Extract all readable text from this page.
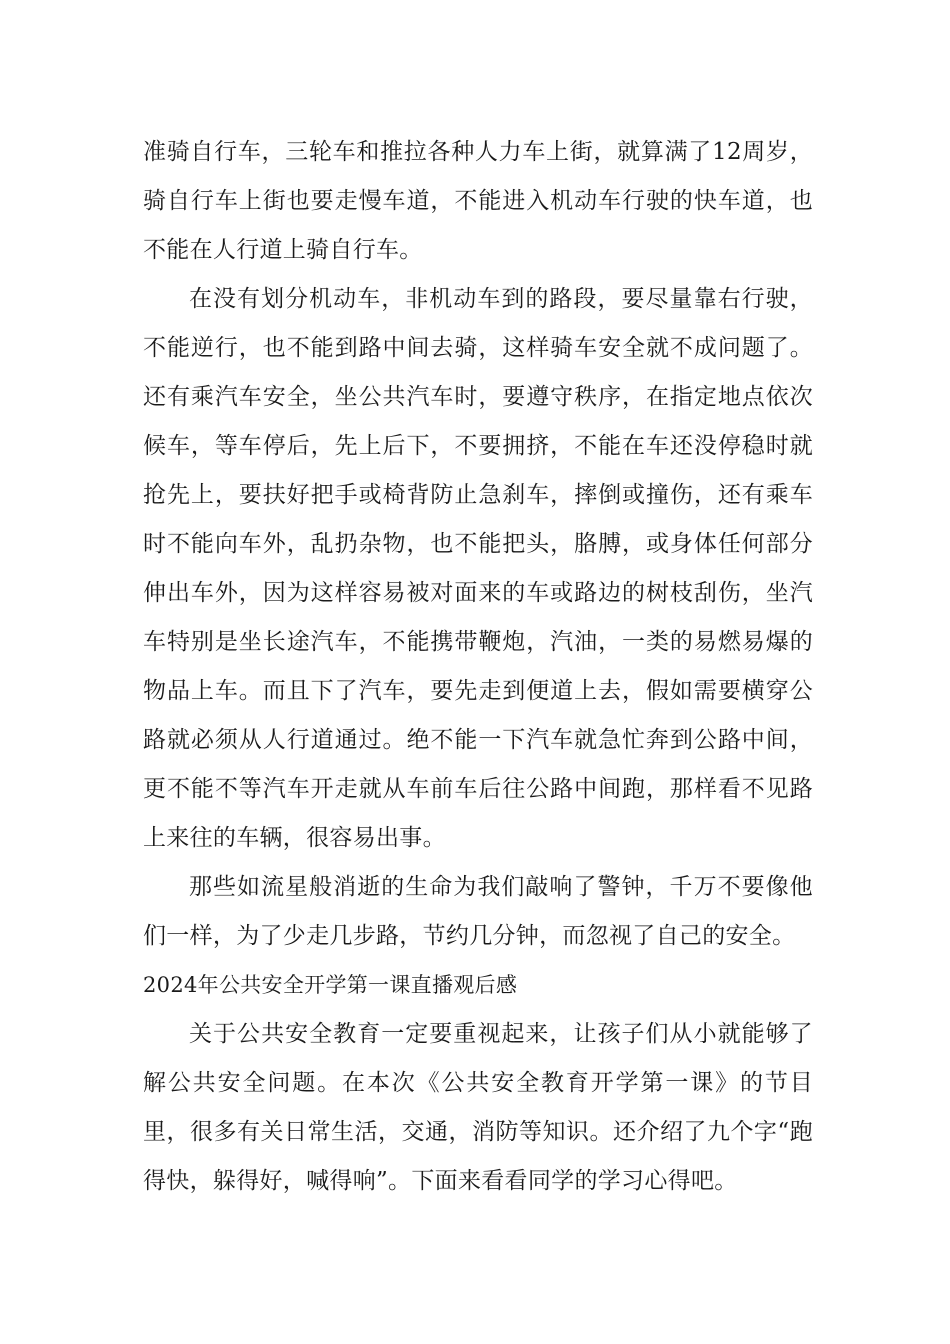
准骑自行车，三轮车和推拉各种人力车上街，就算满了12周岁，骑自行车上街也要走慢车道，不能进入机动车行驶的快车道，也不能在人行道上骑自行车。

在没有划分机动车，非机动车到的路段，要尽量靠右行驶，不能逆行，也不能到路中间去骑，这样骑车安全就不成问题了。还有乘汽车安全，坐公共汽车时，要遵守秩序，在指定地点依次候车，等车停后，先上后下，不要拥挤，不能在车还没停稳时就抢先上，要扶好把手或椅背防止急刹车，摔倒或撞伤，还有乘车时不能向车外，乱扔杂物，也不能把头，胳膊，或身体任何部分伸出车外，因为这样容易被对面来的车或路边的树枝刮伤，坐汽车特别是坐长途汽车，不能携带鞭炮，汽油，一类的易燃易爆的物品上车。而且下了汽车，要先走到便道上去，假如需要横穿公路就必须从人行道通过。绝不能一下汽车就急忙奔到公路中间，更不能不等汽车开走就从车前车后往公路中间跑，那样看不见路上来往的车辆，很容易出事。

那些如流星般消逝的生命为我们敲响了警钟，千万不要像他们一样，为了少走几步路，节约几分钟，而忽视了自己的安全。

2024年公共安全开学第一课直播观后感

关于公共安全教育一定要重视起来，让孩子们从小就能够了解公共安全问题。在本次《公共安全教育开学第一课》的节目里，很多有关日常生活，交通，消防等知识。还介绍了九个字“跑得快，躲得好，喊得响”。下面来看看同学的学习心得吧。
